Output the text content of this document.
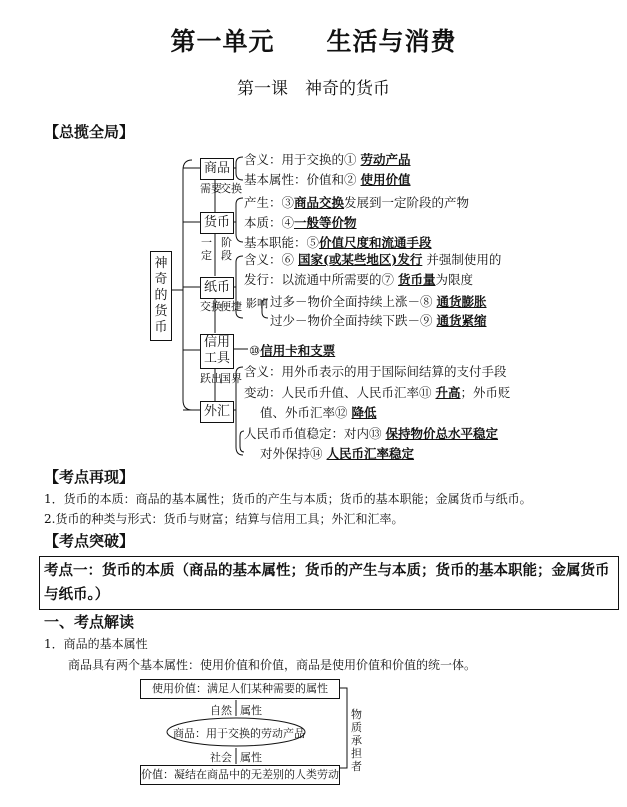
第一单元　　生活与消费
第一课　神奇的货币
【总揽全局】
神奇的货币
商品
货币
纸币
信用工具
外汇
需要
交换
一定
阶段
交换
便捷
跃出
国界
影响
含义：用于交换的① 劳动产品
基本属性：价值和② 使用价值
产生：③商品交换发展到一定阶段的产物
本质：④一般等价物
基本职能：⑤价值尺度和流通手段
含义：⑥ 国家(或某些地区)发行 并强制使用的
发行：以流通中所需要的⑦ 货币量为限度
过多－物价全面持续上涨－⑧ 通货膨胀
过少－物价全面持续下跌－⑨ 通货紧缩
⑩信用卡和支票
含义：用外币表示的用于国际间结算的支付手段
变动：人民币升值、人民币汇率⑪ 升高；外币贬
值、外币汇率⑫ 降低
人民币币值稳定：对内⑬ 保持物价总水平稳定
对外保持⑭ 人民币汇率稳定
【考点再现】
1．货币的本质：商品的基本属性；货币的产生与本质；货币的基本职能；金属货币与纸币。
2.货币的种类与形式：货币与财富；结算与信用工具；外汇和汇率。
【考点突破】
考点一：货币的本质（商品的基本属性；货币的产生与本质；货币的基本职能；金属货币与纸币。）
一、考点解读
1．商品的基本属性
商品具有两个基本属性：使用价值和价值，商品是使用价值和价值的统一体。
使用价值：满足人们某种需要的属性
自然 属性
商品：用于交换的劳动产品
社会 属性
价值：凝结在商品中的无差别的人类劳动
物质承担者
